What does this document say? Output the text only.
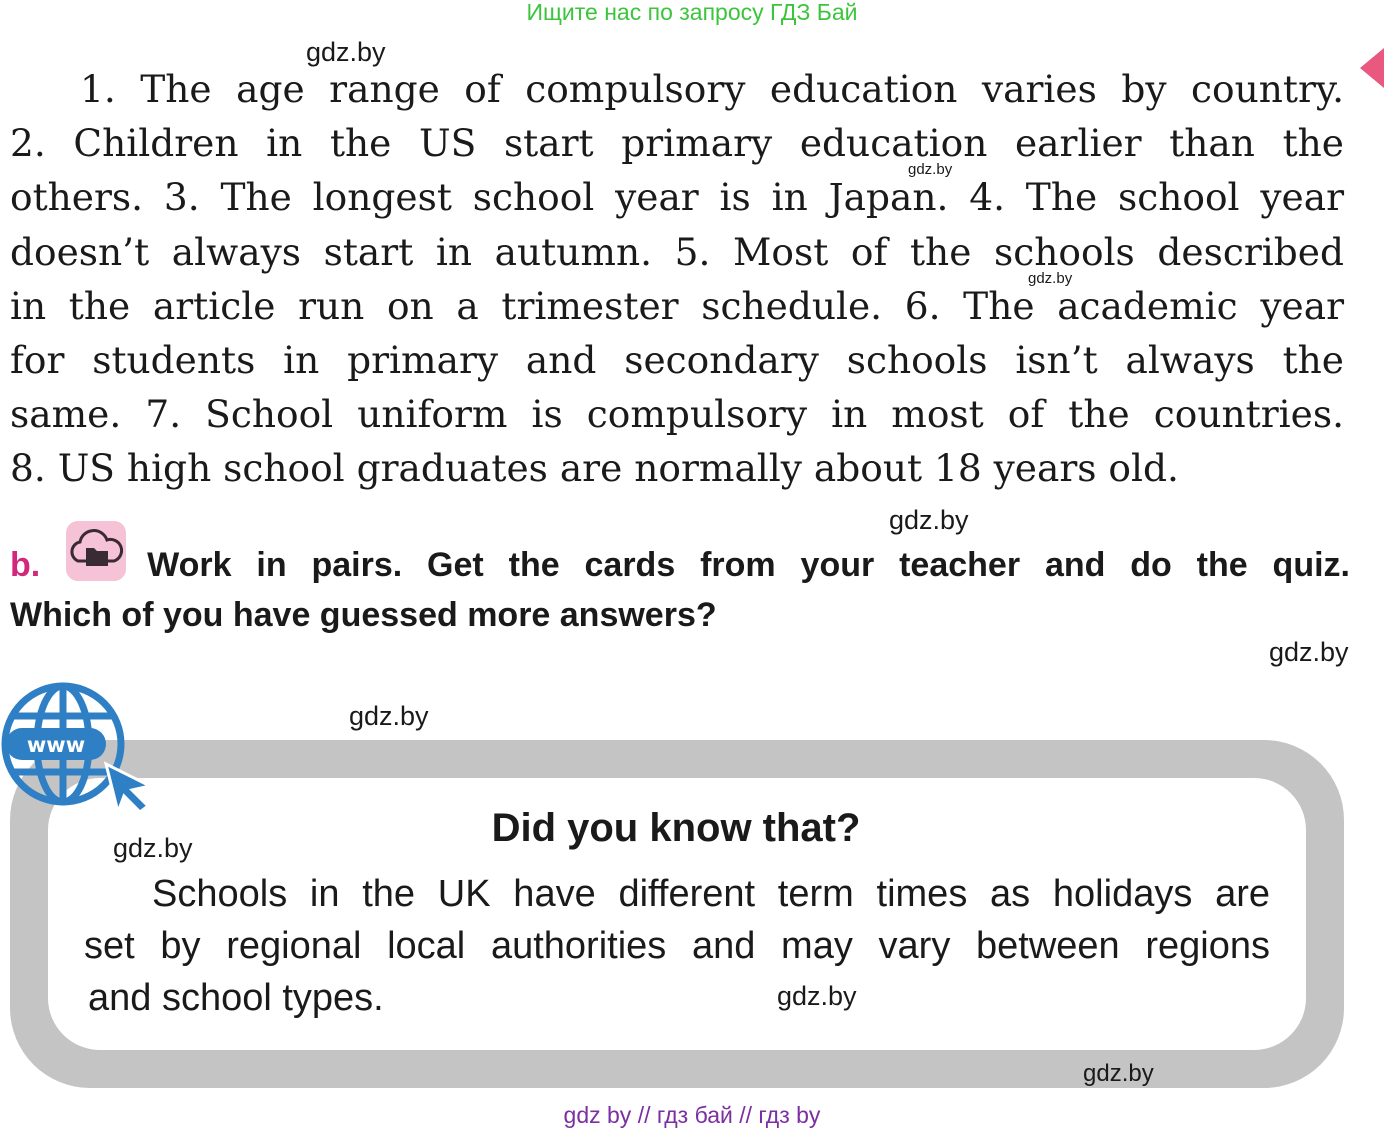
Ищите нас по запросу ГДЗ Бай
gdz.by
1. The age range of compulsory education varies by country.
2. Children in the US start primary education earlier than the
others. 3. The longest school year is in Japan. 4. The school year
doesn’t always start in autumn. 5. Most of the schools described
in the article run on a trimester schedule. 6. The academic year
for students in primary and secondary schools isn’t always the
same. 7. School uniform is compulsory in most of the countries.
8. US high school graduates are normally about 18 years old.
gdz.by
gdz.by
gdz.by
b.	Work in pairs. Get the cards from your teacher and do the quiz.
Which of you have guessed more answers?
gdz.by
gdz.by
www
gdz.by	Did you know that?
Schools in the UK have different term times as holidays are
set by regional local authorities and may vary between regions
and school types.	gdz.by
gdz.by
gdz by // гдз бай // гдз by
